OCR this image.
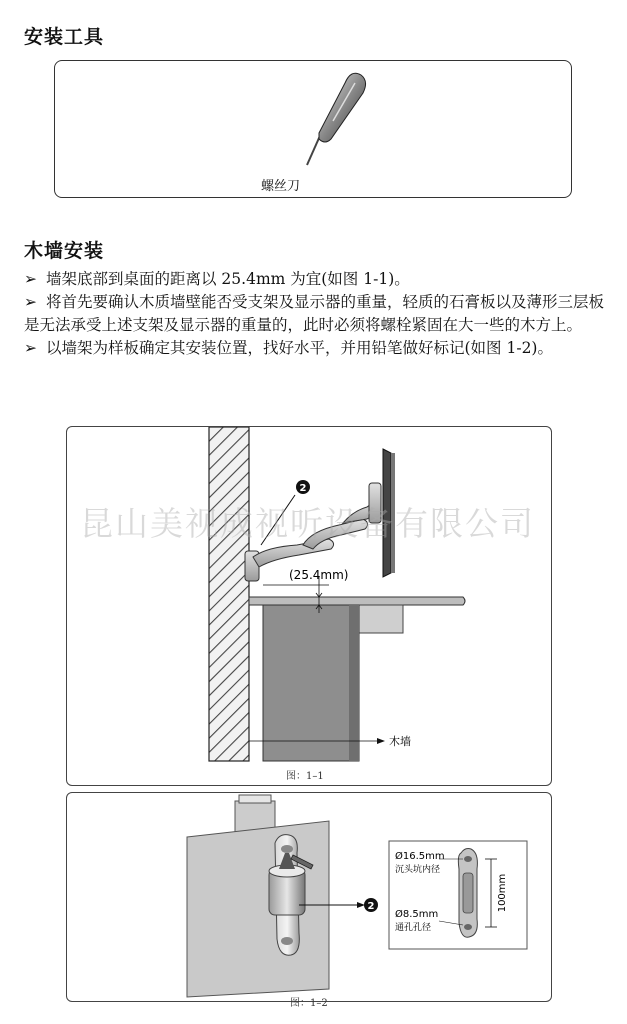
安装工具
螺丝刀
木墙安装
➢ 墙架底部到桌面的距离以 25.4mm 为宜(如图 1-1)。
➢ 将首先要确认木质墙壁能否受支架及显示器的重量，轻质的石膏板以及薄形三层板是无法承受上述支架及显示器的重量的，此时必须将螺栓紧固在大一些的木方上。
➢ 以墙架为样板确定其安装位置，找好水平，并用铅笔做好标记(如图 1-2)。
2
(25.4mm)
木墙
图：1–1
2	100mm
Ø16.5mm
沉头坑内径
Ø8.5mm
通孔孔径
图：1–2
昆山美视成视听设备有限公司
